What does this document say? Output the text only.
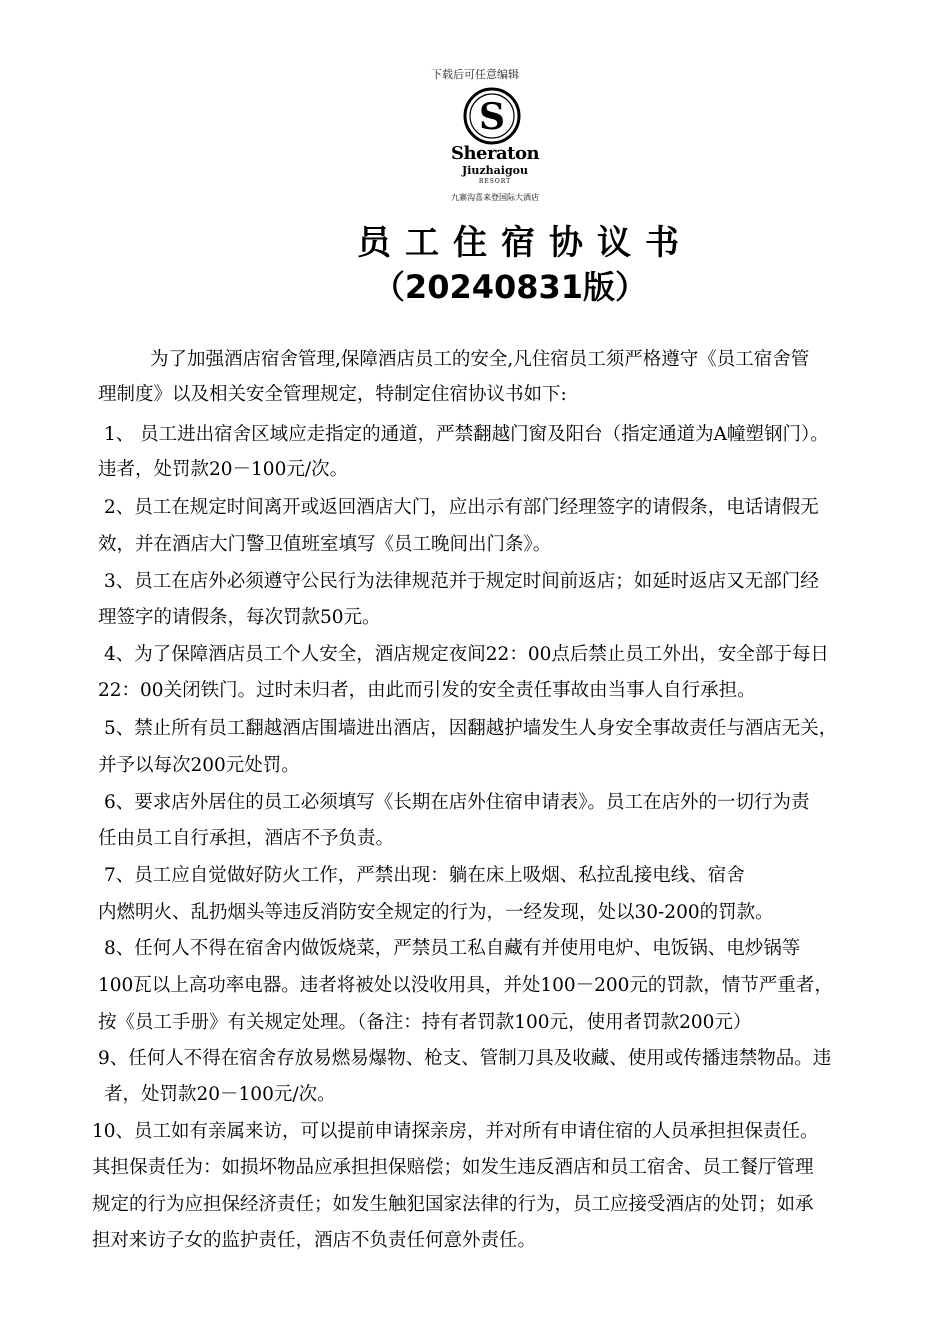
下载后可任意编辑
S
Sheraton
Jiuzhaigou
RESORT
九寨沟喜来登国际大酒店
员工住宿协议书
（20240831版）
为了加强酒店宿舍管理,保障酒店员工的安全,凡住宿员工须严格遵守《员工宿舍管
理制度》以及相关安全管理规定，特制定住宿协议书如下:
1、 员工进出宿舍区域应走指定的通道，严禁翻越门窗及阳台（指定通道为A幢塑钢门）。
违者，处罚款20－100元/次。
2、员工在规定时间离开或返回酒店大门，应出示有部门经理签字的请假条，电话请假无
效，并在酒店大门警卫值班室填写《员工晚间出门条》。
3、员工在店外必须遵守公民行为法律规范并于规定时间前返店；如延时返店又无部门经
理签字的请假条，每次罚款50元。
4、为了保障酒店员工个人安全，酒店规定夜间22：00点后禁止员工外出，安全部于每日
22：00关闭铁门。过时未归者，由此而引发的安全责任事故由当事人自行承担。
5、禁止所有员工翻越酒店围墙进出酒店，因翻越护墙发生人身安全事故责任与酒店无关，
并予以每次200元处罚。
6、要求店外居住的员工必须填写《长期在店外住宿申请表》。员工在店外的一切行为责
任由员工自行承担，酒店不予负责。
7、员工应自觉做好防火工作，严禁出现：躺在床上吸烟、私拉乱接电线、宿舍
内燃明火、乱扔烟头等违反消防安全规定的行为，一经发现，处以30-200的罚款。
8、任何人不得在宿舍内做饭烧菜，严禁员工私自藏有并使用电炉、电饭锅、电炒锅等
100瓦以上高功率电器。违者将被处以没收用具，并处100－200元的罚款，情节严重者，
按《员工手册》有关规定处理。（备注：持有者罚款100元，使用者罚款200元）
9、任何人不得在宿舍存放易燃易爆物、枪支、管制刀具及收藏、使用或传播违禁物品。违
者，处罚款20－100元/次。
10、员工如有亲属来访，可以提前申请探亲房，并对所有申请住宿的人员承担担保责任。
其担保责任为：如损坏物品应承担担保赔偿；如发生违反酒店和员工宿舍、员工餐厅管理
规定的行为应担保经济责任；如发生触犯国家法律的行为，员工应接受酒店的处罚；如承
担对来访子女的监护责任，酒店不负责任何意外责任。
